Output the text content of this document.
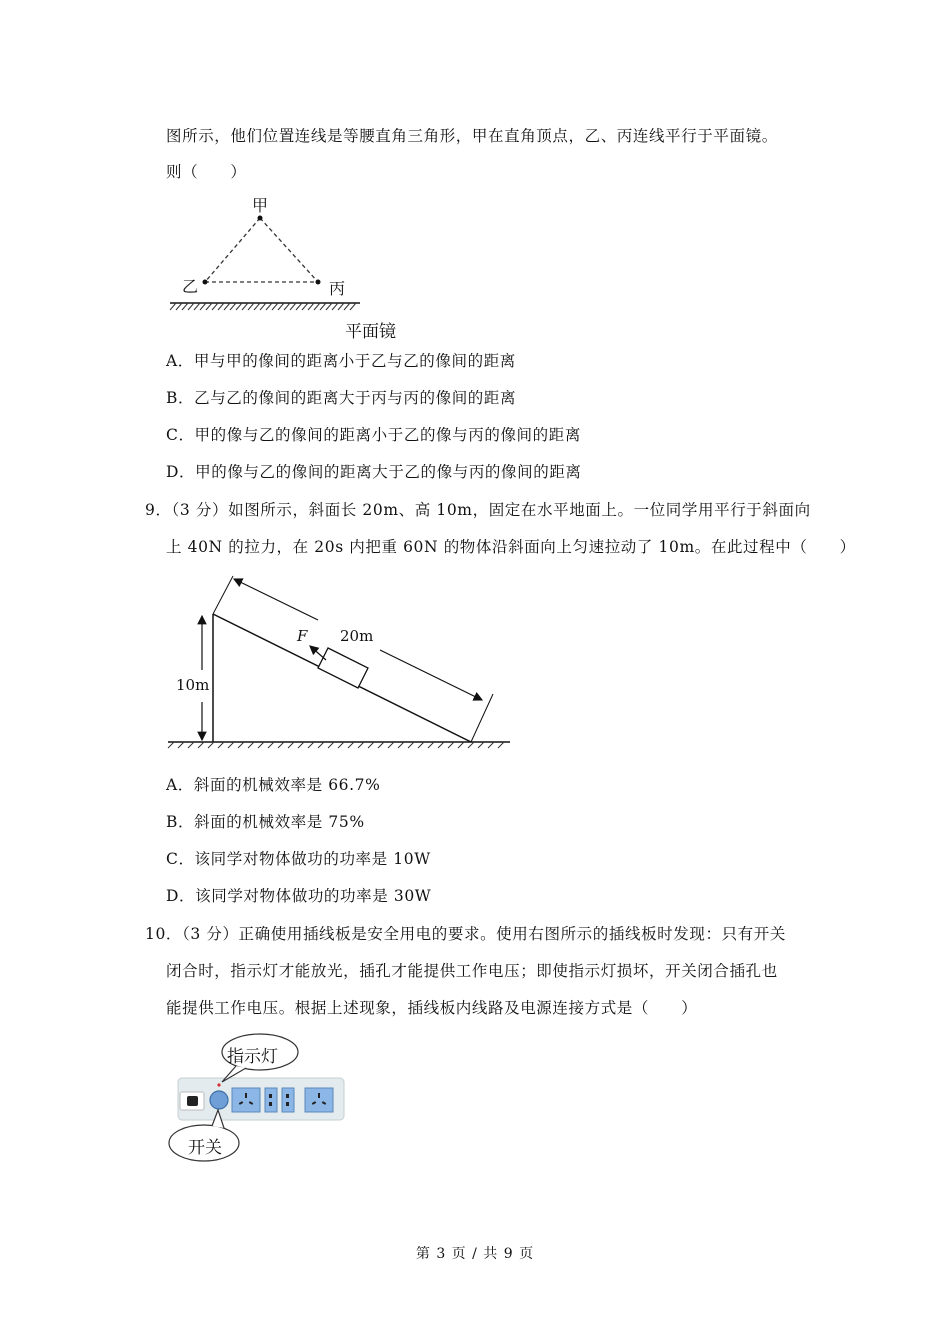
图所示，他们位置连线是等腰直角三角形，甲在直角顶点，乙、丙连线平行于平面镜。
则（　　）
甲
乙	丙
平面镜
A．甲与甲的像间的距离小于乙与乙的像间的距离
B．乙与乙的像间的距离大于丙与丙的像间的距离
C．甲的像与乙的像间的距离小于乙的像与丙的像间的距离
D．甲的像与乙的像间的距离大于乙的像与丙的像间的距离
9．（3 分）如图所示，斜面长 20m、高 10m，固定在水平地面上。一位同学用平行于斜面向
上 40N 的拉力，在 20s 内把重 60N 的物体沿斜面向上匀速拉动了 10m。在此过程中（　　）
20m
10m
F
A．斜面的机械效率是 66.7%
B．斜面的机械效率是 75%
C．该同学对物体做功的功率是 10W
D．该同学对物体做功的功率是 30W
10．（3 分）正确使用插线板是安全用电的要求。使用右图所示的插线板时发现：只有开关
闭合时，指示灯才能放光，插孔才能提供工作电压；即使指示灯损坏，开关闭合插孔也
能提供工作电压。根据上述现象，插线板内线路及电源连接方式是（　　）
指示灯
开关
第 3 页 / 共 9 页
